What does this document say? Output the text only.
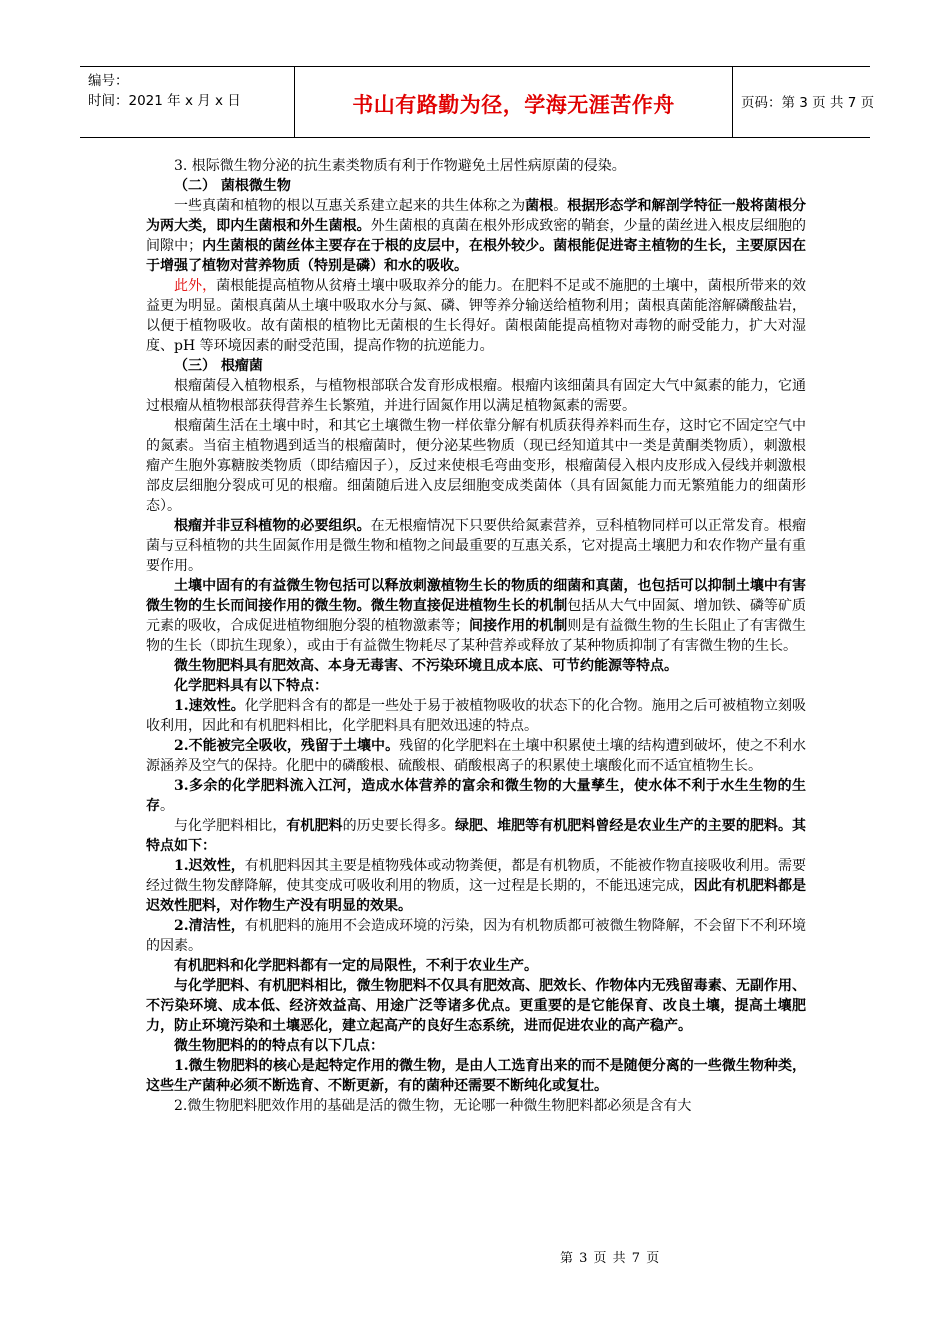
编号：
时间：2021 年 x 月 x 日	书山有路勤为径，学海无涯苦作舟	页码：第 3 页 共 7 页

3. 根际微生物分泌的抗生素类物质有利于作物避免土居性病原菌的侵染。

（二） 菌根微生物

一些真菌和植物的根以互惠关系建立起来的共生体称之为菌根。根据形态学和解剖学特征一般将菌根分为两大类，即内生菌根和外生菌根。外生菌根的真菌在根外形成致密的鞘套，少量的菌丝进入根皮层细胞的间隙中；内生菌根的菌丝体主要存在于根的皮层中，在根外较少。菌根能促进寄主植物的生长，主要原因在于增强了植物对营养物质（特别是磷）和水的吸收。

此外，菌根能提高植物从贫瘠土壤中吸取养分的能力。在肥料不足或不施肥的土壤中，菌根所带来的效益更为明显。菌根真菌从土壤中吸取水分与氮、磷、钾等养分输送给植物利用；菌根真菌能溶解磷酸盐岩，以便于植物吸收。故有菌根的植物比无菌根的生长得好。菌根菌能提高植物对毒物的耐受能力，扩大对湿度、pH 等环境因素的耐受范围，提高作物的抗逆能力。

（三） 根瘤菌

根瘤菌侵入植物根系，与植物根部联合发育形成根瘤。根瘤内该细菌具有固定大气中氮素的能力，它通过根瘤从植物根部获得营养生长繁殖，并进行固氮作用以满足植物氮素的需要。

根瘤菌生活在土壤中时，和其它土壤微生物一样依靠分解有机质获得养料而生存，这时它不固定空气中的氮素。当宿主植物遇到适当的根瘤菌时，便分泌某些物质（现已经知道其中一类是黄酮类物质），刺激根瘤产生胞外寡糖胺类物质（即结瘤因子），反过来使根毛弯曲变形，根瘤菌侵入根内皮形成入侵线并刺激根部皮层细胞分裂成可见的根瘤。细菌随后进入皮层细胞变成类菌体（具有固氮能力而无繁殖能力的细菌形态）。

根瘤并非豆科植物的必要组织。在无根瘤情况下只要供给氮素营养，豆科植物同样可以正常发育。根瘤菌与豆科植物的共生固氮作用是微生物和植物之间最重要的互惠关系，它对提高土壤肥力和农作物产量有重要作用。

土壤中固有的有益微生物包括可以释放刺激植物生长的物质的细菌和真菌，也包括可以抑制土壤中有害微生物的生长而间接作用的微生物。微生物直接促进植物生长的机制包括从大气中固氮、增加铁、磷等矿质元素的吸收，合成促进植物细胞分裂的植物激素等；间接作用的机制则是有益微生物的生长阻止了有害微生物的生长（即抗生现象），或由于有益微生物耗尽了某种营养或释放了某种物质抑制了有害微生物的生长。

微生物肥料具有肥效高、本身无毒害、不污染环境且成本底、可节约能源等特点。

化学肥料具有以下特点：

1.速效性。化学肥料含有的都是一些处于易于被植物吸收的状态下的化合物。施用之后可被植物立刻吸收利用，因此和有机肥料相比，化学肥料具有肥效迅速的特点。

2.不能被完全吸收，残留于土壤中。残留的化学肥料在土壤中积累使土壤的结构遭到破坏，使之不利水源涵养及空气的保持。化肥中的磷酸根、硫酸根、硝酸根离子的积累使土壤酸化而不适宜植物生长。

3.多余的化学肥料流入江河，造成水体营养的富余和微生物的大量孳生，使水体不利于水生生物的生存。

与化学肥料相比，有机肥料的历史要长得多。绿肥、堆肥等有机肥料曾经是农业生产的主要的肥料。其特点如下：

1.迟效性，有机肥料因其主要是植物残体或动物粪便，都是有机物质，不能被作物直接吸收利用。需要经过微生物发酵降解，使其变成可吸收利用的物质，这一过程是长期的，不能迅速完成，因此有机肥料都是迟效性肥料，对作物生产没有明显的效果。

2.清洁性，有机肥料的施用不会造成环境的污染，因为有机物质都可被微生物降解，不会留下不利环境的因素。

有机肥料和化学肥料都有一定的局限性，不利于农业生产。

与化学肥料、有机肥料相比，微生物肥料不仅具有肥效高、肥效长、作物体内无残留毒素、无副作用、不污染环境、成本低、经济效益高、用途广泛等诸多优点。更重要的是它能保育、改良土壤，提高土壤肥力，防止环境污染和土壤恶化，建立起高产的良好生态系统，进而促进农业的高产稳产。

微生物肥料的的特点有以下几点：

1.微生物肥料的核心是起特定作用的微生物，是由人工选育出来的而不是随便分离的一些微生物种类，这些生产菌种必须不断选育、不断更新，有的菌种还需要不断纯化或复壮。

2.微生物肥料肥效作用的基础是活的微生物，无论哪一种微生物肥料都必须是含有大

第 3 页 共 7 页
